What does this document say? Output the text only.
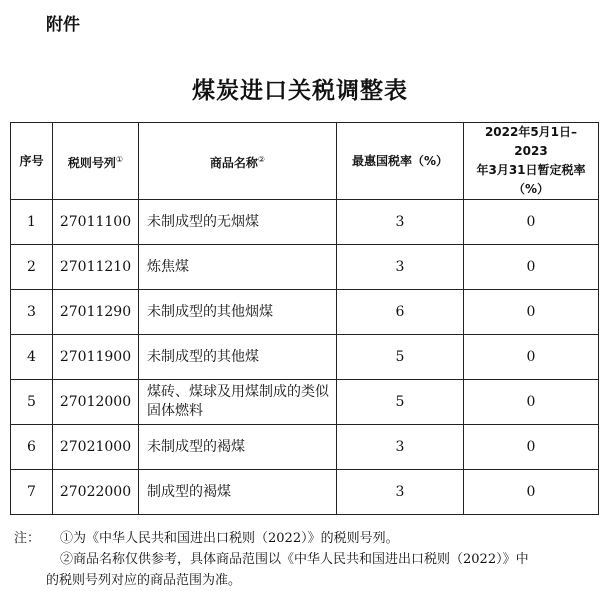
附件
煤炭进口关税调整表
序号	税则号列①	商品名称②	最惠国税率（%）	2022年5月1日–2023
年3月31日暂定税率
（%）

1	27011100	未制成型的无烟煤	3	0
2	27011210	炼焦煤	3	0
3	27011290	未制成型的其他烟煤	6	0
4	27011900	未制成型的其他煤	5	0
5	27012000	煤砖、煤球及用煤制成的类似固体燃料	5	0
6	27021000	未制成型的褐煤	3	0
7	27022000	制成型的褐煤	3	0
注： ①为《中华人民共和国进出口税则（2022）》的税则号列。
②商品名称仅供参考，具体商品范围以《中华人民共和国进出口税则（2022）》中
的税则号列对应的商品范围为准。
